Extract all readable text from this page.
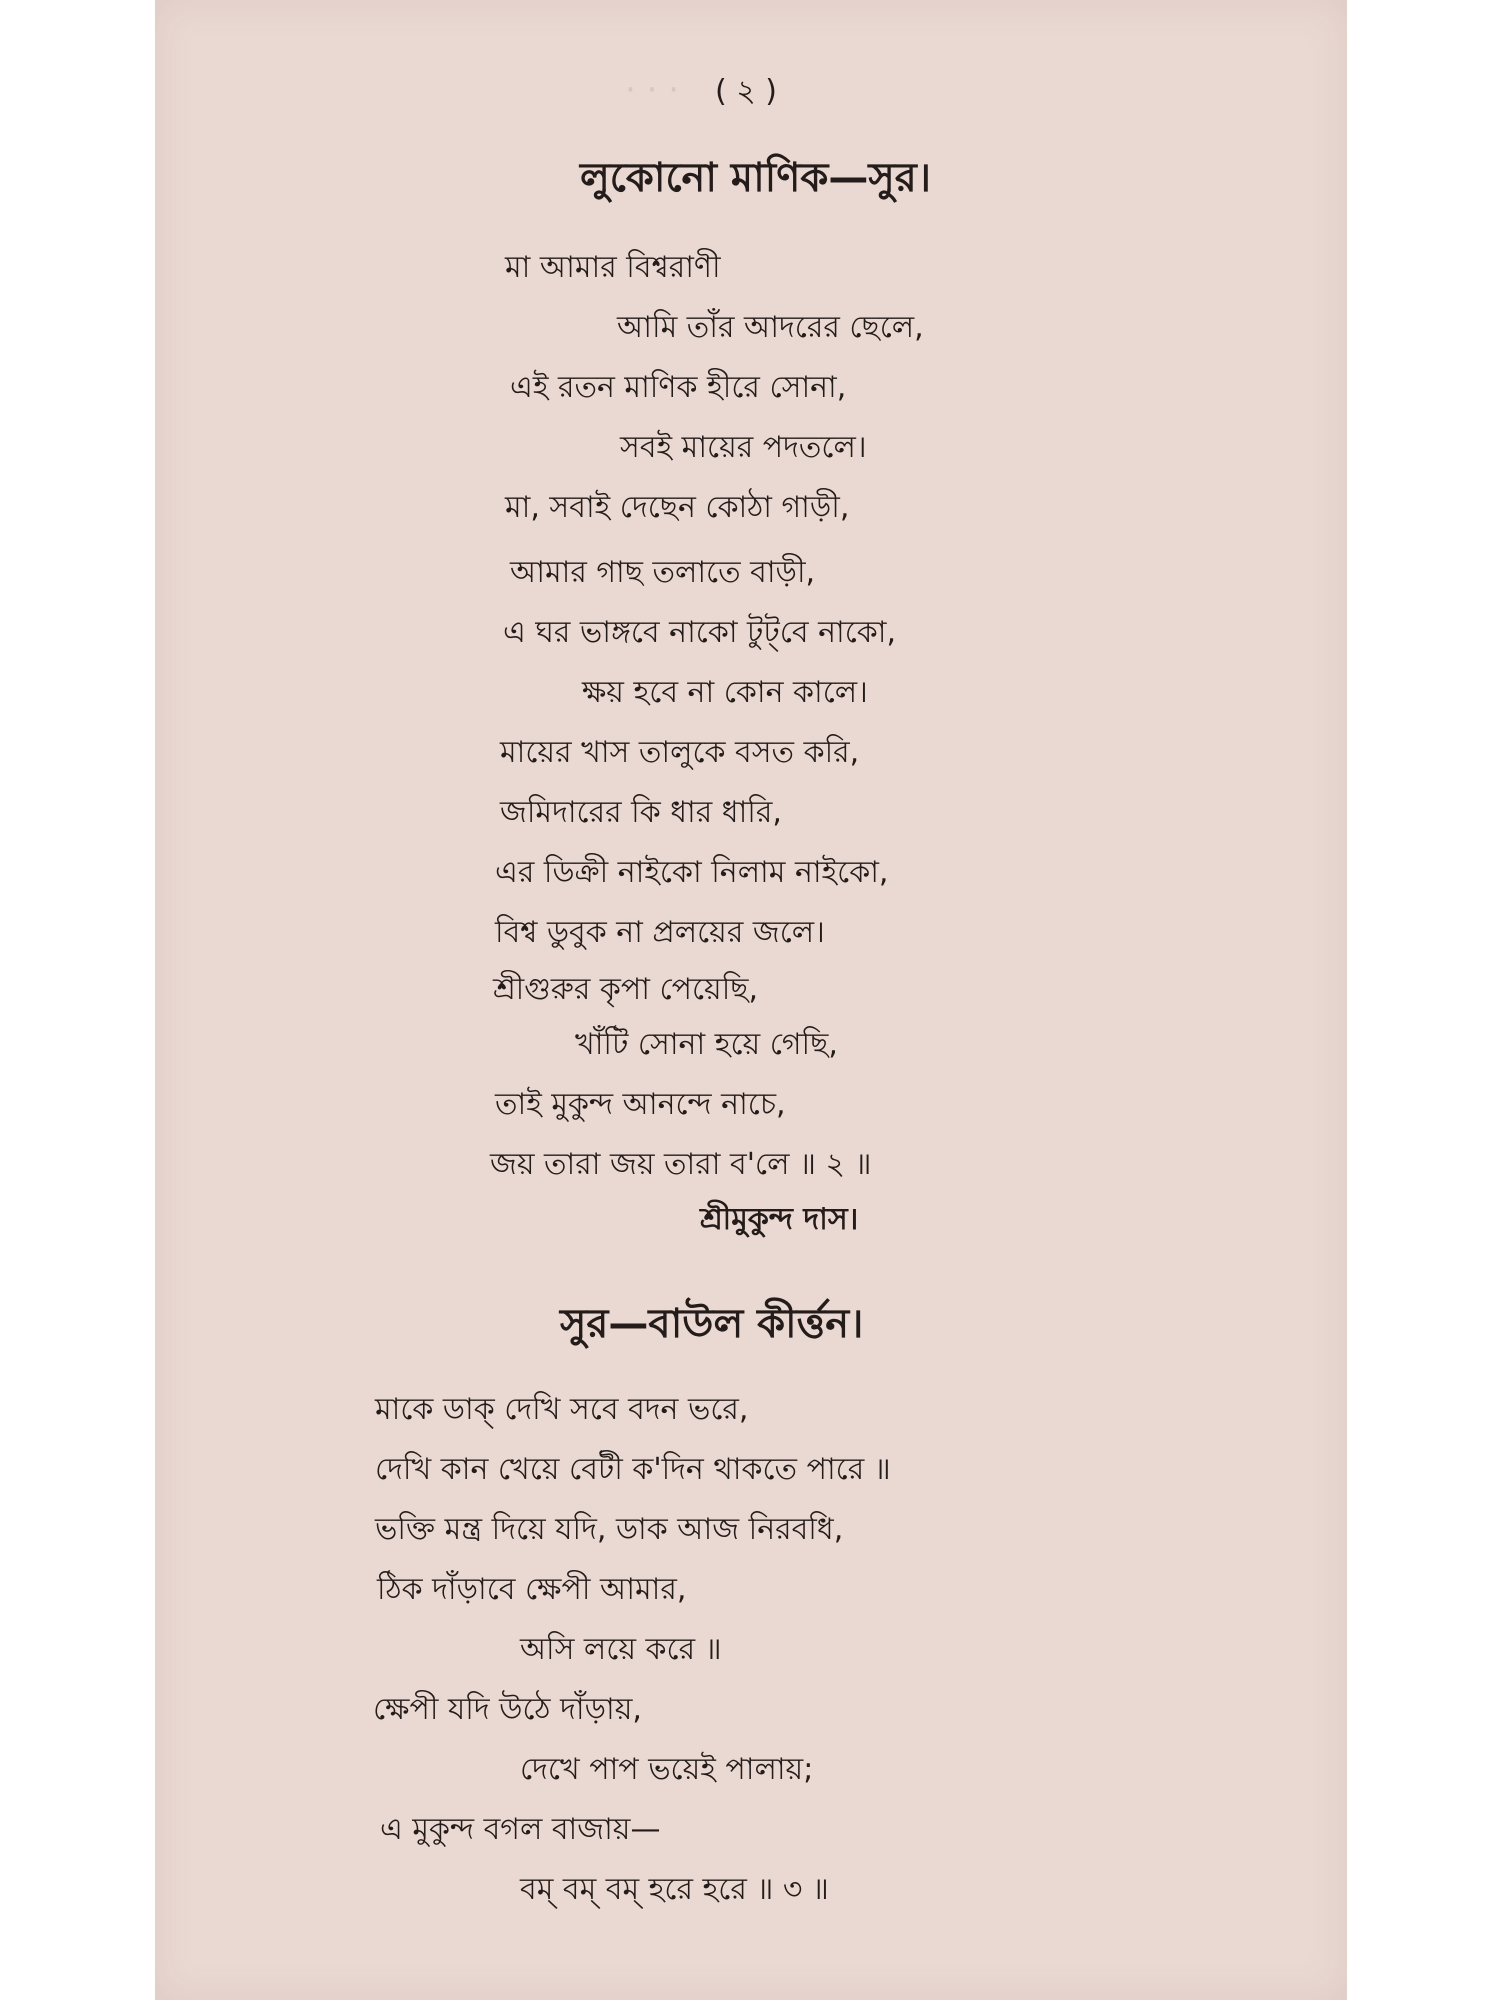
· · · ( ২ )
লুকোনো মাণিক—সুর।
মা আমার বিশ্বরাণী
আমি তাঁর আদরের ছেলে,
এই রতন মাণিক হীরে সোনা,
সবই মায়ের পদতলে।
মা, সবাই দেছেন কোঠা গাড়ী,
আমার গাছ তলাতে বাড়ী,
এ ঘর ভাঙ্গবে নাকো টুট্‌বে নাকো,
ক্ষয় হবে না কোন কালে।
মায়ের খাস তালুকে বসত করি,
জমিদারের কি ধার ধারি,
এর ডিক্রী নাইকো নিলাম নাইকো,
বিশ্ব ডুবুক না প্রলয়ের জলে।
শ্রীগুরুর কৃপা পেয়েছি,
খাঁটি সোনা হয়ে গেছি,
তাই মুকুন্দ আনন্দে নাচে,
জয় তারা জয় তারা ব'লে ॥ ২ ॥
শ্রীমুকুন্দ দাস।
সুর—বাউল কীর্ত্তন।
মাকে ডাক্‌ দেখি সবে বদন ভরে,
দেখি কান খেয়ে বেটী ক'দিন থাকতে পারে ॥
ভক্তি মন্ত্র দিয়ে যদি, ডাক আজ নিরবধি,
ঠিক দাঁড়াবে ক্ষেপী আমার,
অসি লয়ে করে ॥
ক্ষেপী যদি উঠে দাঁড়ায়,
দেখে পাপ ভয়েই পালায়;
এ মুকুন্দ বগল বাজায়—
বম্‌ বম্‌ বম্‌ হরে হরে ॥ ৩ ॥
